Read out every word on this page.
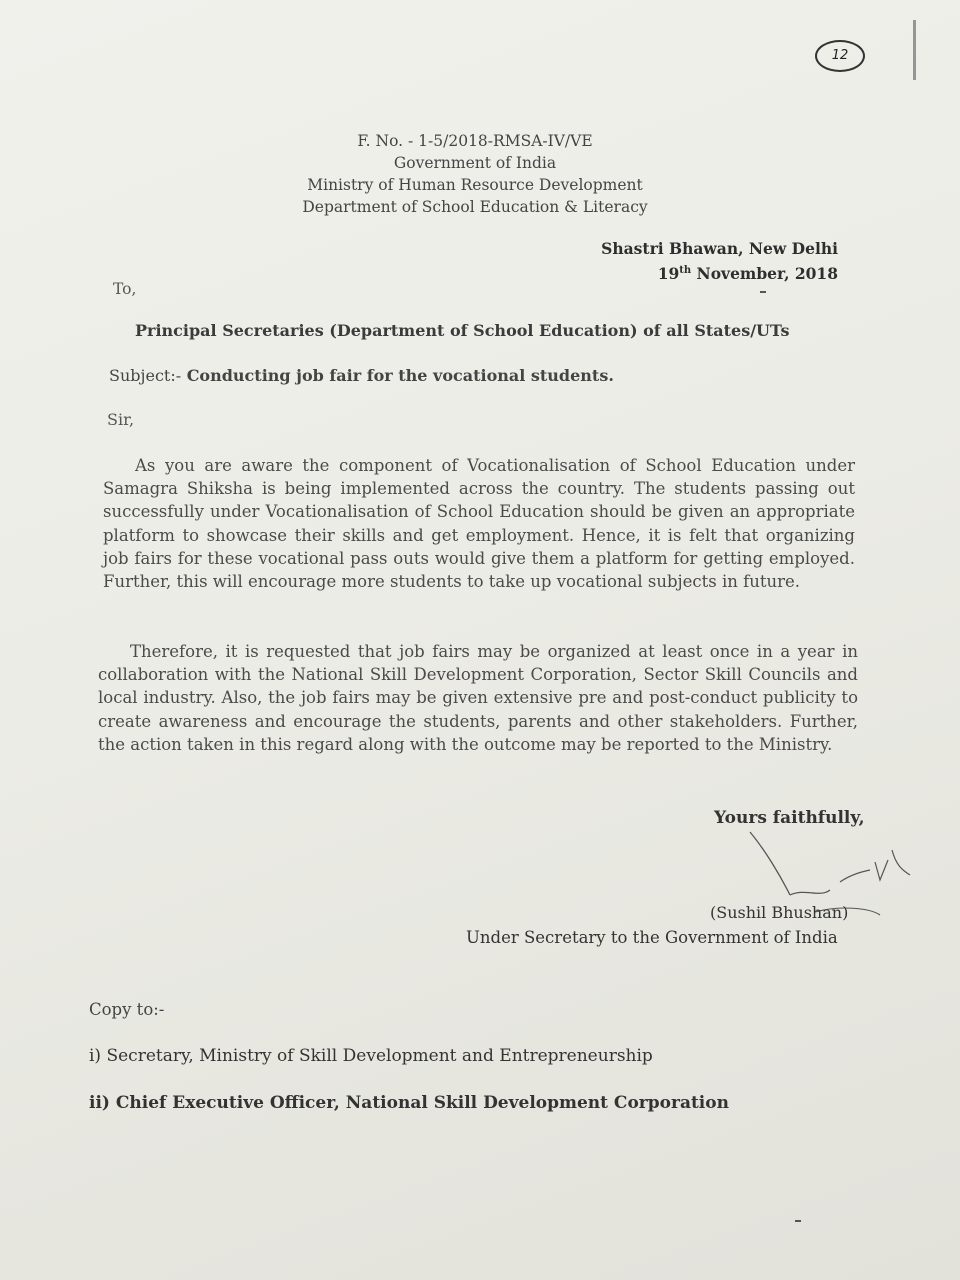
12
F. No. - 1-5/2018-RMSA-IV/VE
Government of India
Ministry of Human Resource Development
Department of School Education & Literacy
Shastri Bhawan, New Delhi
19th November, 2018
To,
Principal Secretaries (Department of School Education) of all States/UTs
Subject:- Conducting job fair for the vocational students.
Sir,
As you are aware the component of Vocationalisation of School Education under Samagra Shiksha is being implemented across the country. The students passing out successfully under Vocationalisation of School Education should be given an appropriate platform to showcase their skills and get employment. Hence, it is felt that organizing job fairs for these vocational pass outs would give them a platform for getting employed. Further, this will encourage more students to take up vocational subjects in future.
Therefore, it is requested that job fairs may be organized at least once in a year in collaboration with the National Skill Development Corporation, Sector Skill Councils and local industry. Also, the job fairs may be given extensive pre and post-conduct publicity to create awareness and encourage the students, parents and other stakeholders. Further, the action taken in this regard along with the outcome may be reported to the Ministry.
Yours faithfully,
(Sushil Bhushan)
Under Secretary to the Government of India
Copy to:-
i) Secretary, Ministry of Skill Development and Entrepreneurship
ii) Chief Executive Officer, National Skill Development Corporation
